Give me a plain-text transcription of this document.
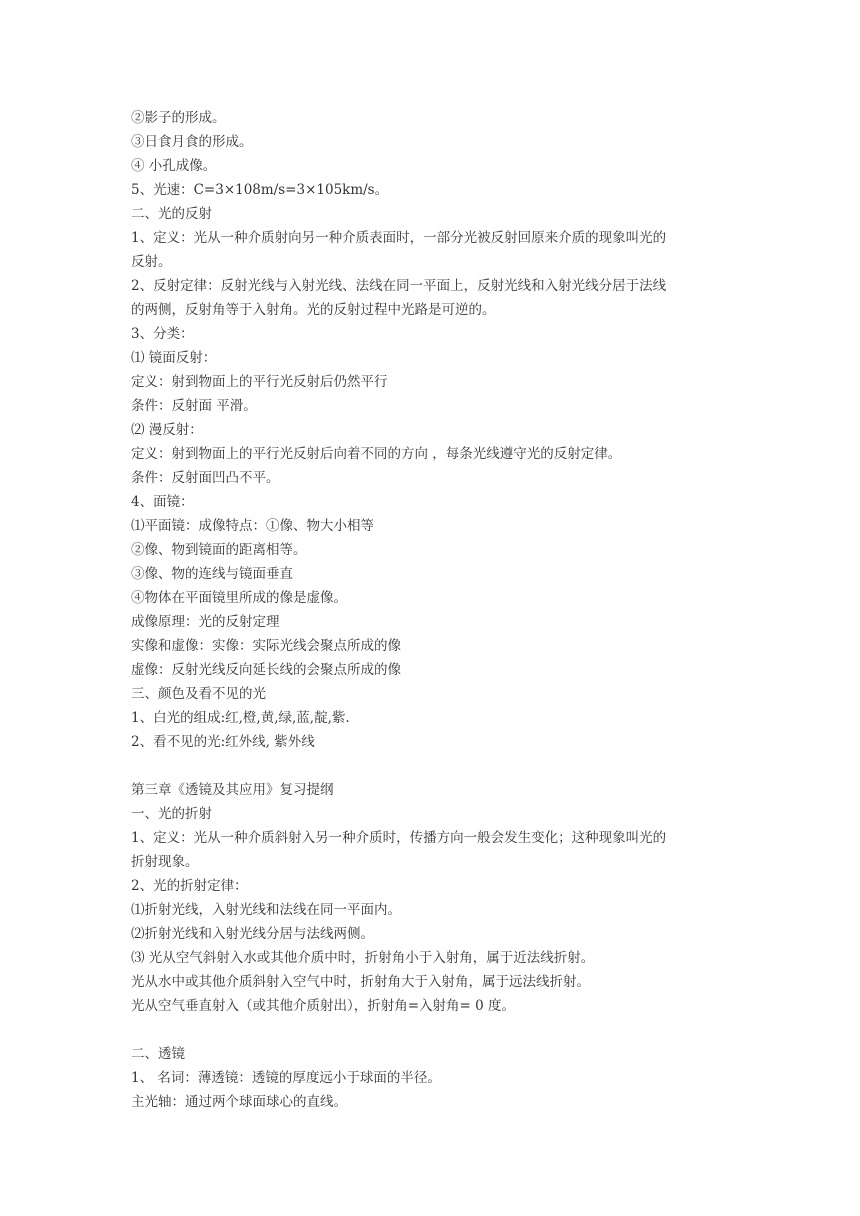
②影子的形成。
③日食月食的形成。
④ 小孔成像。
5、光速：C=3×108m/s=3×105km/s。
二、光的反射
1、定义：光从一种介质射向另一种介质表面时，一部分光被反射回原来介质的现象叫光的
反射。
2、反射定律：反射光线与入射光线、法线在同一平面上，反射光线和入射光线分居于法线
的两侧，反射角等于入射角。光的反射过程中光路是可逆的。
3、分类：
⑴ 镜面反射：
定义：射到物面上的平行光反射后仍然平行
条件：反射面 平滑。
⑵ 漫反射：
定义：射到物面上的平行光反射后向着不同的方向 ，每条光线遵守光的反射定律。
条件：反射面凹凸不平。
4、面镜：
⑴平面镜：成像特点：①像、物大小相等
②像、物到镜面的距离相等。
③像、物的连线与镜面垂直
④物体在平面镜里所成的像是虚像。
成像原理：光的反射定理
实像和虚像：实像：实际光线会聚点所成的像
虚像：反射光线反向延长线的会聚点所成的像
三、颜色及看不见的光
1、白光的组成:红,橙,黄,绿,蓝,靛,紫.
2、看不见的光:红外线, 紫外线
第三章《透镜及其应用》复习提纲
一、光的折射
1、定义：光从一种介质斜射入另一种介质时，传播方向一般会发生变化；这种现象叫光的
折射现象。
2、光的折射定律：
⑴折射光线，入射光线和法线在同一平面内。
⑵折射光线和入射光线分居与法线两侧。
⑶ 光从空气斜射入水或其他介质中时，折射角小于入射角，属于近法线折射。
光从水中或其他介质斜射入空气中时，折射角大于入射角，属于远法线折射。
光从空气垂直射入（或其他介质射出），折射角=入射角= 0 度。
二、透镜
1、 名词：薄透镜：透镜的厚度远小于球面的半径。
主光轴：通过两个球面球心的直线。
